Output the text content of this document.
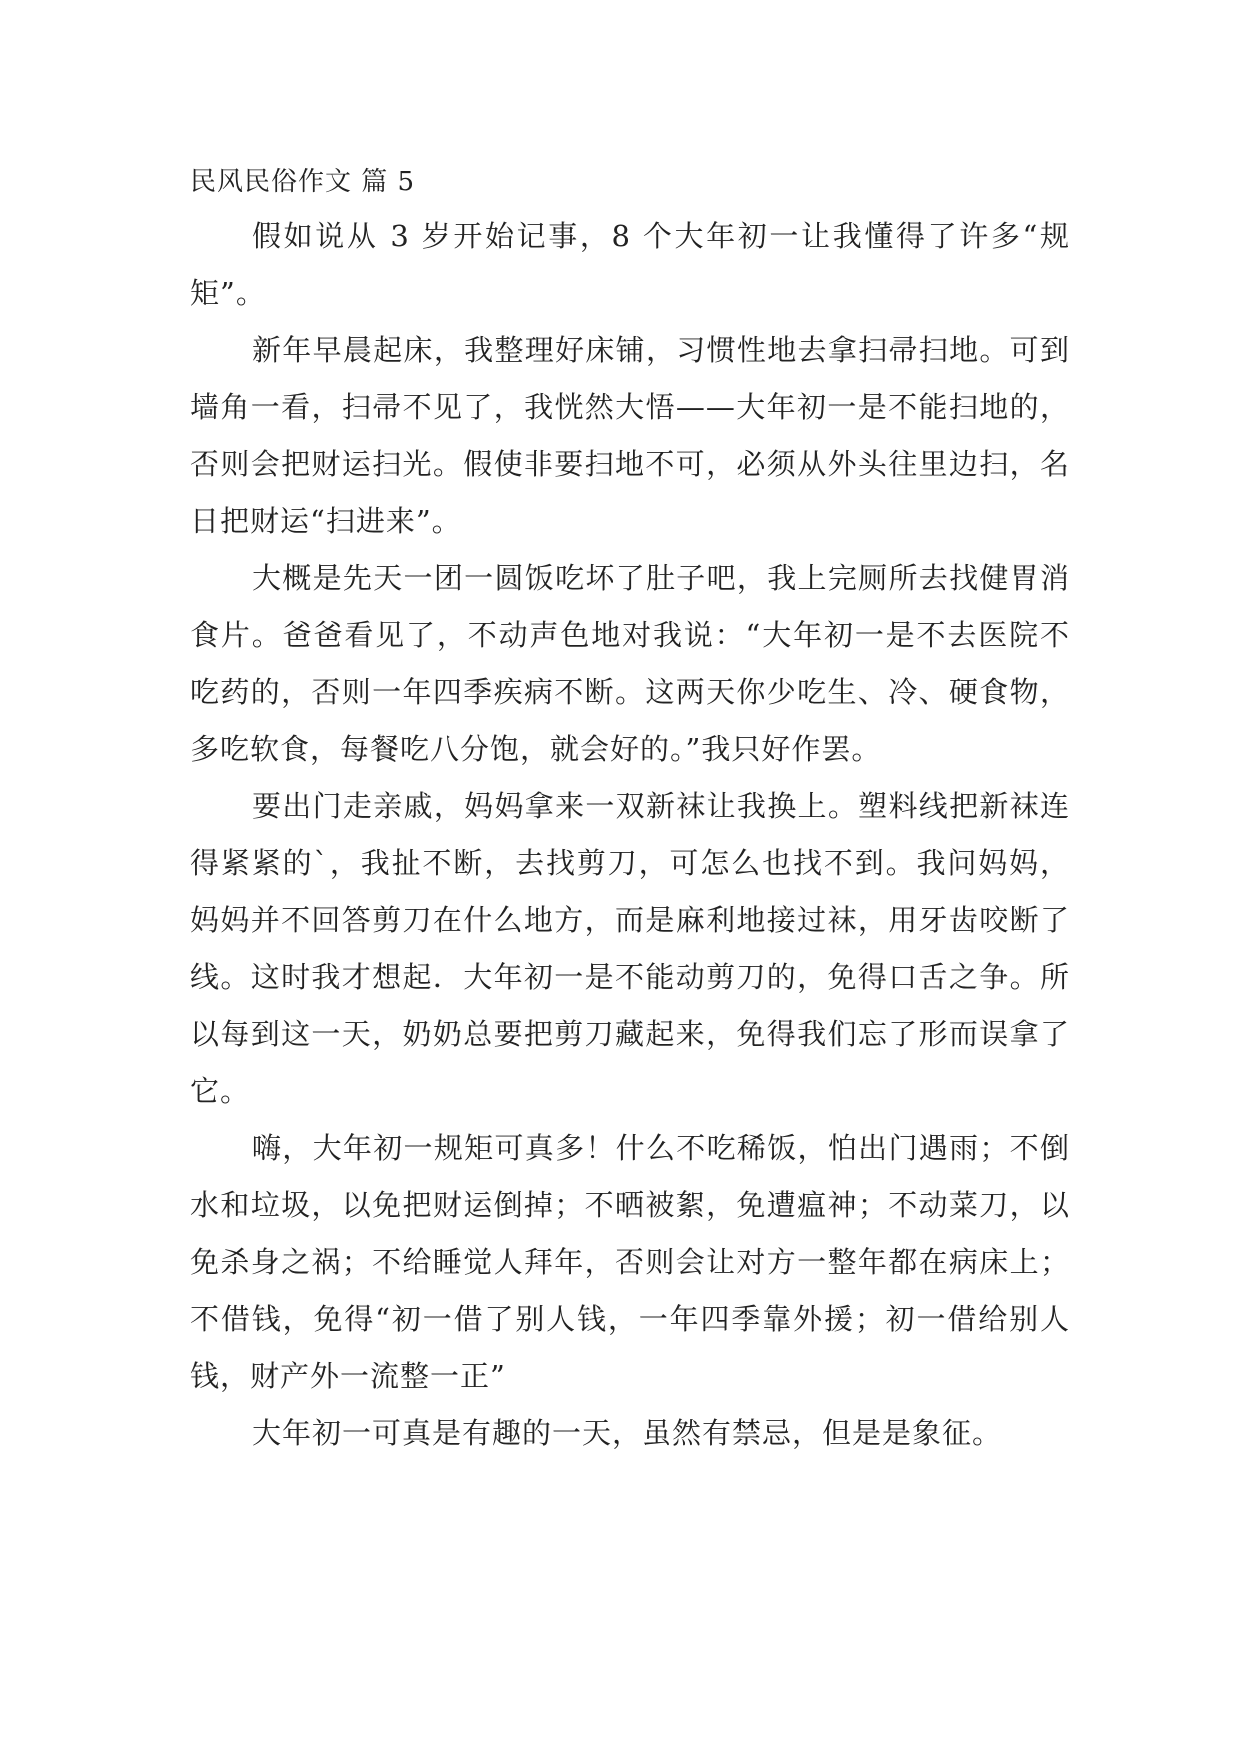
民风民俗作文 篇 5

假如说从 3 岁开始记事，8 个大年初一让我懂得了许多“规矩”。

新年早晨起床，我整理好床铺，习惯性地去拿扫帚扫地。可到墙角一看，扫帚不见了，我恍然大悟——大年初一是不能扫地的，否则会把财运扫光。假使非要扫地不可，必须从外头往里边扫，名日把财运“扫进来”。

大概是先天一团一圆饭吃坏了肚子吧，我上完厕所去找健胃消食片。爸爸看见了，不动声色地对我说：“大年初一是不去医院不吃药的，否则一年四季疾病不断。这两天你少吃生、冷、硬食物，多吃软食，每餐吃八分饱，就会好的。”我只好作罢。

要出门走亲戚，妈妈拿来一双新袜让我换上。塑料线把新袜连得紧紧的`，我扯不断，去找剪刀，可怎么也找不到。我问妈妈，妈妈并不回答剪刀在什么地方，而是麻利地接过袜，用牙齿咬断了线。这时我才想起．大年初一是不能动剪刀的，免得口舌之争。所以每到这一天，奶奶总要把剪刀藏起来，免得我们忘了形而误拿了它。

嗨，大年初一规矩可真多！什么不吃稀饭，怕出门遇雨；不倒水和垃圾，以免把财运倒掉；不晒被絮，免遭瘟神；不动菜刀，以免杀身之祸；不给睡觉人拜年，否则会让对方一整年都在病床上；不借钱，免得“初一借了别人钱，一年四季靠外援；初一借给别人钱，财产外一流整一正”

大年初一可真是有趣的一天，虽然有禁忌，但是是象征。
